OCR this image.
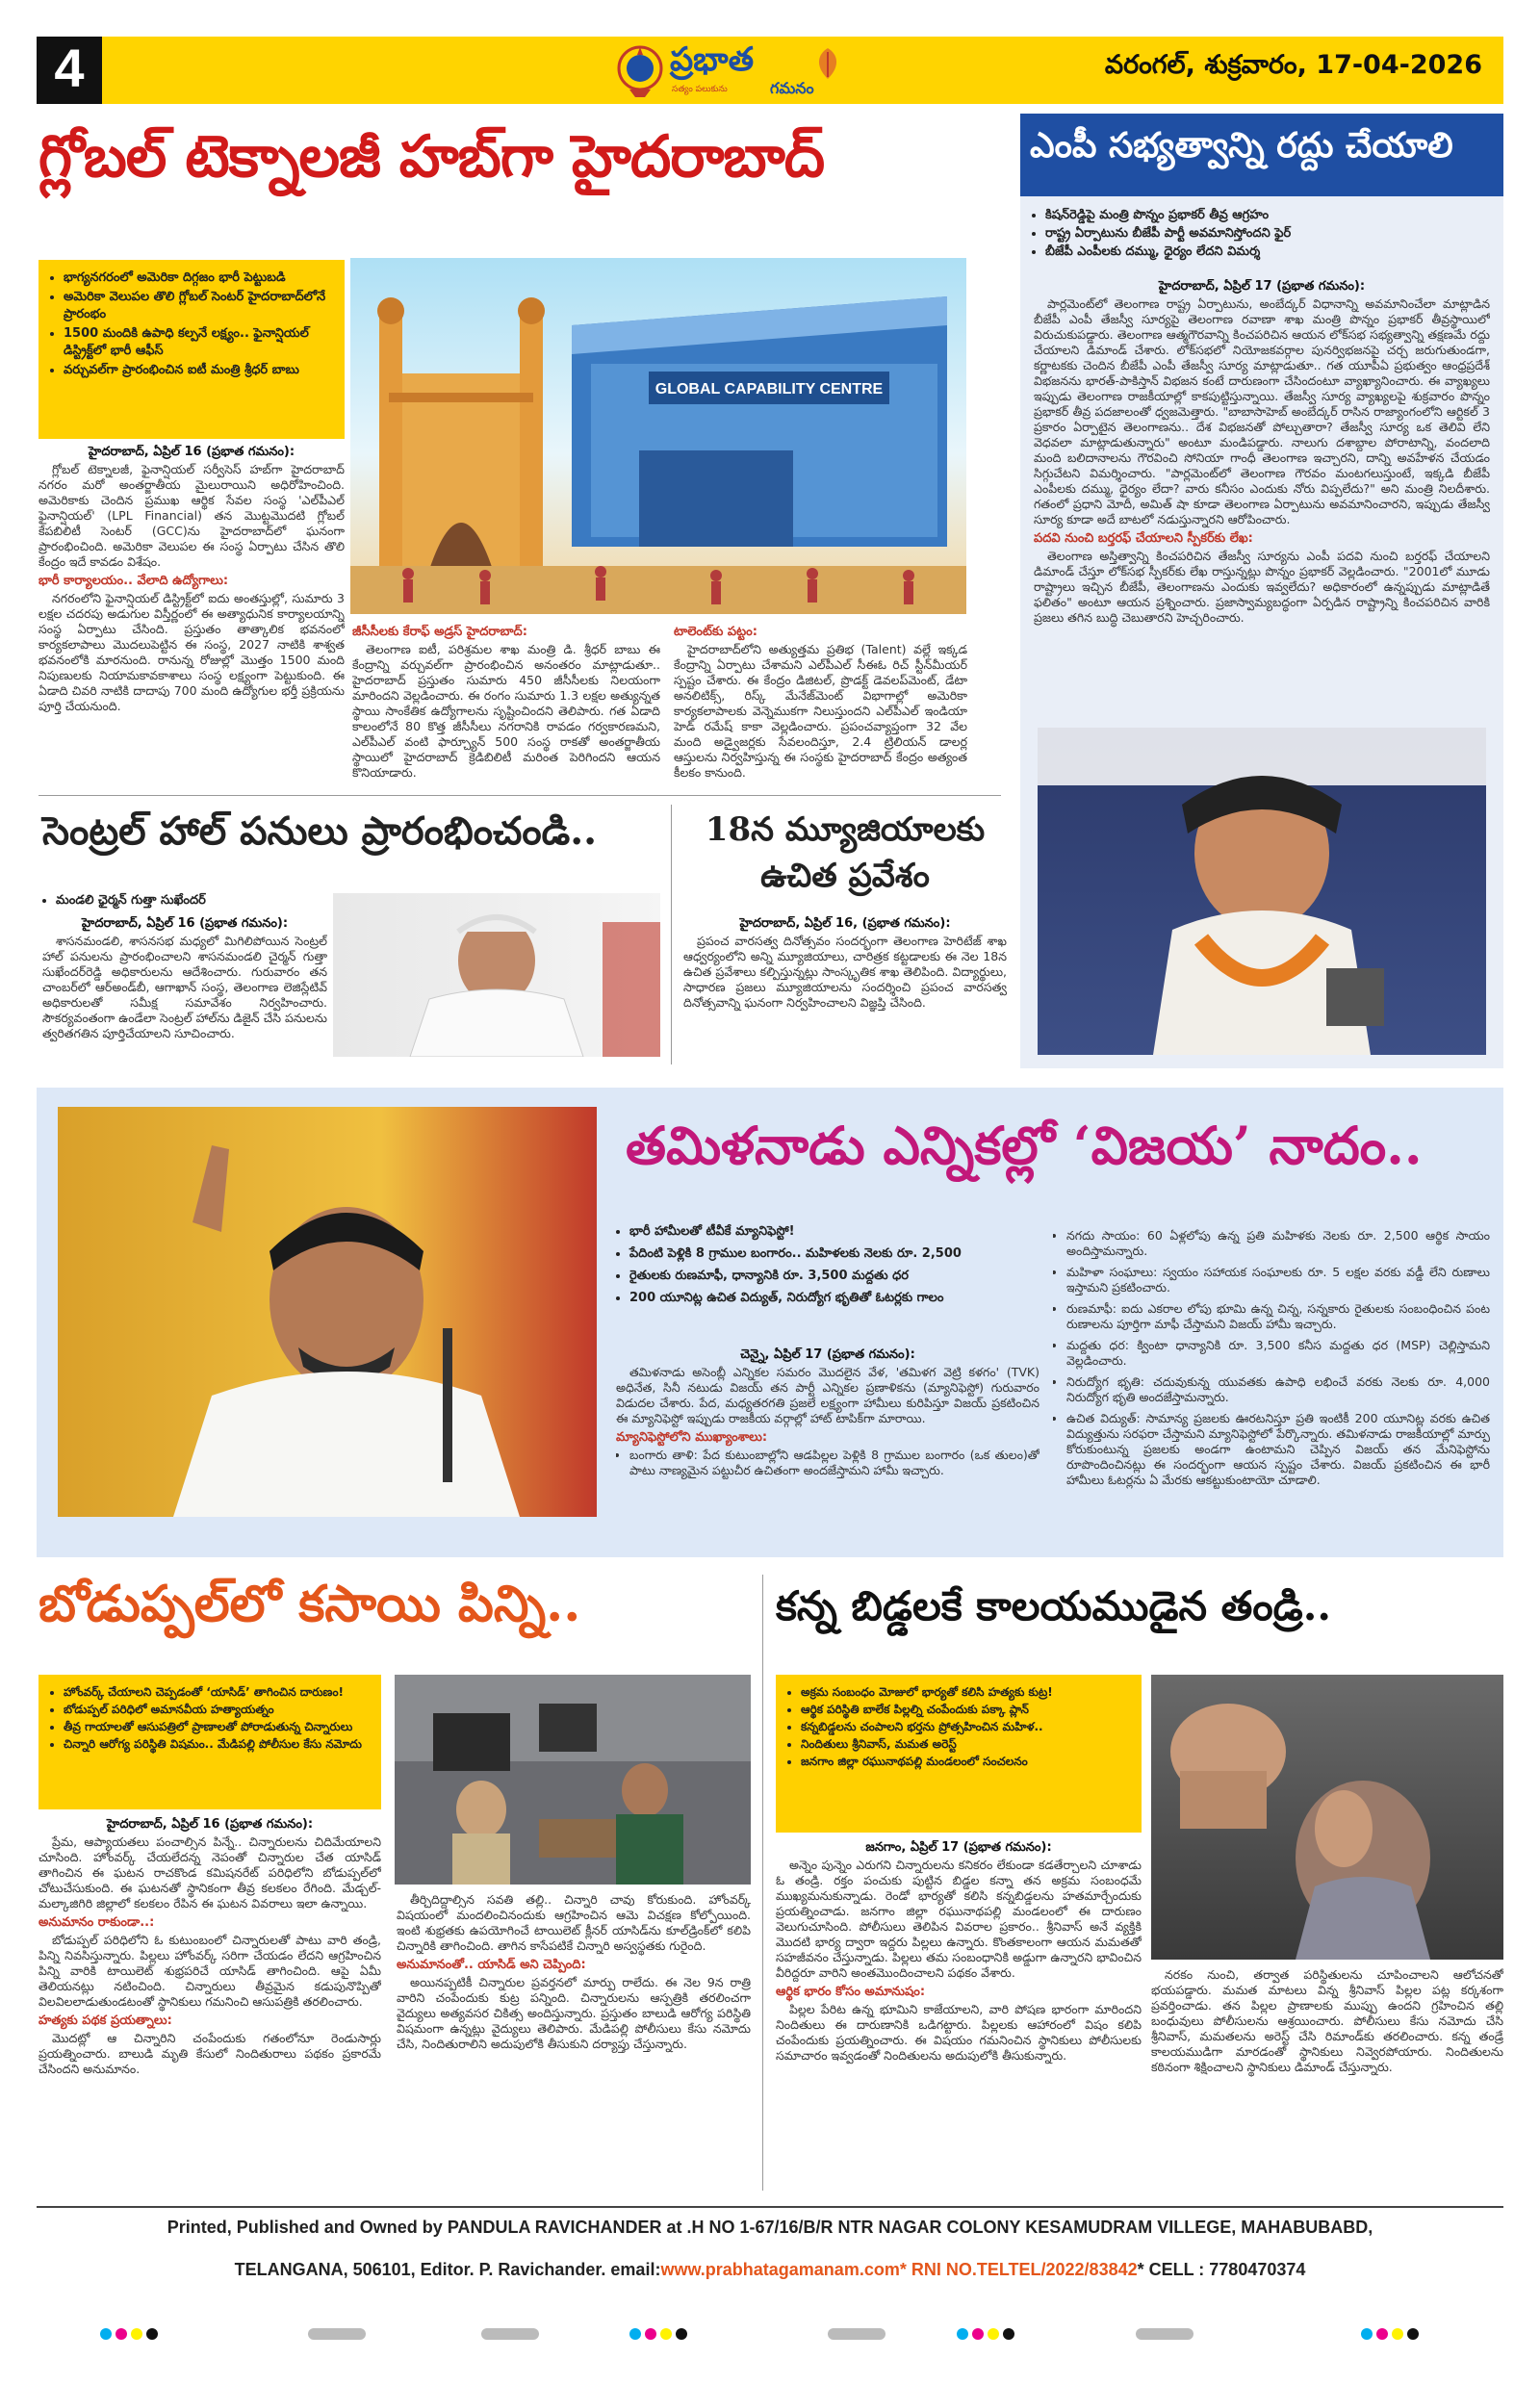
4	ప్రభాత
సత్యం పలుకును	గమనం
వరంగల్, శుక్రవారం, 17-04-2026
గ్లోబల్ టెక్నాలజీ హబ్‌గా హైదరాబాద్
• భాగ్యనగరంలో అమెరికా దిగ్గజం భారీ పెట్టుబడి
• అమెరికా వెలుపల తొలి గ్లోబల్ సెంటర్ హైదరాబాద్‌లోనే ప్రారంభం
• 1500 మందికి ఉపాధి కల్పనే లక్ష్యం.. ఫైనాన్షియల్ డిస్ట్రిక్ట్‌లో భారీ ఆఫీస్
• వర్చువల్‌గా ప్రారంభించిన ఐటీ మంత్రి శ్రీధర్ బాబు
GLOBAL CAPABILITY CENTRE
హైదరాబాద్, ఏప్రిల్ 16 (ప్రభాత గమనం):

గ్లోబల్ టెక్నాలజీ, ఫైనాన్షియల్ సర్వీసెస్ హబ్‌గా హైదరాబాద్ నగరం మరో అంతర్జాతీయ మైలురాయిని అధిరోహించింది. అమెరికాకు చెందిన ప్రముఖ ఆర్థిక సేవల సంస్థ 'ఎల్‌పీఎల్ ఫైనాన్షియల్' (LPL Financial) తన మొట్టమొదటి గ్లోబల్ కేపబిలిటీ సెంటర్ (GCC)ను హైదరాబాద్‌లో ఘనంగా ప్రారంభించింది. అమెరికా వెలుపల ఈ సంస్థ ఏర్పాటు చేసిన తొలి కేంద్రం ఇదే కావడం విశేషం.

భారీ కార్యాలయం.. వేలాది ఉద్యోగాలు:

నగరంలోని ఫైనాన్షియల్ డిస్ట్రిక్ట్‌లో ఐదు అంతస్తుల్లో, సుమారు 3 లక్షల చదరపు అడుగుల విస్తీర్ణంలో ఈ అత్యాధునిక కార్యాలయాన్ని సంస్థ ఏర్పాటు చేసింది. ప్రస్తుతం తాత్కాలిక భవనంలో కార్యకలాపాలు మొదలుపెట్టిన ఈ సంస్థ, 2027 నాటికి శాశ్వత భవనంలోకి మారనుంది. రానున్న రోజుల్లో మొత్తం 1500 మంది నిపుణులకు నియామకావకాశాలు సంస్థ లక్ష్యంగా పెట్టుకుంది. ఈ ఏడాది చివరి నాటికి దాదాపు 700 మంది ఉద్యోగుల భర్తీ ప్రక్రియను పూర్తి చేయనుంది.

జీసీసీలకు కేరాఫ్ అడ్రస్ హైదరాబాద్:

తెలంగాణ ఐటీ, పరిశ్రమల శాఖ మంత్రి డి. శ్రీధర్ బాబు ఈ కేంద్రాన్ని వర్చువల్‌గా ప్రారంభించిన అనంతరం మాట్లాడుతూ.. హైదరాబాద్ ప్రస్తుతం సుమారు 450 జీసీసీలకు నిలయంగా మారిందని వెల్లడించారు. ఈ రంగం సుమారు 1.3 లక్షల అత్యున్నత స్థాయి సాంకేతిక ఉద్యోగాలను సృష్టించిందని తెలిపారు. గత ఏడాది కాలంలోనే 80 కొత్త జీసీసీలు నగరానికి రావడం గర్వకారణమని, ఎల్‌పీఎల్ వంటి ఫార్చ్యూన్ 500 సంస్థ రాకతో అంతర్జాతీయ స్థాయిలో హైదరాబాద్ క్రెడిబిలిటీ మరింత పెరిగిందని ఆయన కొనియాడారు.

టాలెంట్‌కు పట్టం:

హైదరాబాద్‌లోని అత్యుత్తమ ప్రతిభ (Talent) వల్లే ఇక్కడ కేంద్రాన్ని ఏర్పాటు చేశామని ఎల్‌పీఎల్ సీఈఓ రిచ్ స్టీన్‌మీయర్ స్పష్టం చేశారు. ఈ కేంద్రం డిజిటల్, ప్రొడక్ట్ డెవలప్‌మెంట్, డేటా అనలిటిక్స్, రిస్క్ మేనేజ్‌మెంట్ విభాగాల్లో అమెరికా కార్యకలాపాలకు వెన్నెముకగా నిలుస్తుందని ఎల్‌పీఎల్ ఇండియా హెడ్ రమేష్ కాకా వెల్లడించారు. ప్రపంచవ్యాప్తంగా 32 వేల మంది అడ్వైజర్లకు సేవలందిస్తూ, 2.4 ట్రిలియన్ డాలర్ల ఆస్తులను నిర్వహిస్తున్న ఈ సంస్థకు హైదరాబాద్ కేంద్రం అత్యంత కీలకం కానుంది.

ఎంపీ సభ్యత్వాన్ని రద్దు చేయాలి
• కిషన్‌రెడ్డిపై మంత్రి పొన్నం ప్రభాకర్ తీవ్ర ఆగ్రహం
• రాష్ట్ర ఏర్పాటును బీజేపీ పార్టీ అవమానిస్తోందని ఫైర్
• బీజేపీ ఎంపీలకు దమ్ము, ధైర్యం లేదని విమర్శ
హైదరాబాద్, ఏప్రిల్ 17 (ప్రభాత గమనం):

పార్లమెంట్‌లో తెలంగాణ రాష్ట్ర ఏర్పాటును, అంబేద్కర్ విధానాన్ని అవమానించేలా మాట్లాడిన బీజేపీ ఎంపీ తేజస్వీ సూర్యపై తెలంగాణ రవాణా శాఖ మంత్రి పొన్నం ప్రభాకర్ తీవ్రస్థాయిలో విరుచుకుపడ్డారు. తెలంగాణ ఆత్మగౌరవాన్ని కించపరిచిన ఆయన లోక్‌సభ సభ్యత్వాన్ని తక్షణమే రద్దు చేయాలని డిమాండ్ చేశారు. లోక్‌సభలో నియోజకవర్గాల పునర్విభజనపై చర్చ జరుగుతుండగా, కర్ణాటకకు చెందిన బీజేపీ ఎంపీ తేజస్వీ సూర్య మాట్లాడుతూ.. గత యూపీఏ ప్రభుత్వం ఆంధ్రప్రదేశ్ విభజనను భారత్-పాకిస్తాన్ విభజన కంటే దారుణంగా చేసిందంటూ వ్యాఖ్యానించారు. ఈ వ్యాఖ్యలు ఇప్పుడు తెలంగాణ రాజకీయాల్లో కాకపుట్టిస్తున్నాయి. తేజస్వీ సూర్య వ్యాఖ్యలపై శుక్రవారం పొన్నం ప్రభాకర్ తీవ్ర పదజాలంతో ధ్వజమెత్తారు. "బాబాసాహెబ్ అంబేద్కర్ రాసిన రాజ్యాంగంలోని ఆర్టికల్ 3 ప్రకారం ఏర్పాటైన తెలంగాణను.. దేశ విభజనతో పోల్చుతారా? తేజస్వీ సూర్య ఒక తెలివి లేని వెధవలా మాట్లాడుతున్నారు" అంటూ మండిపడ్డారు. నాలుగు దశాబ్దాల పోరాటాన్ని, వందలాది మంది బలిదానాలను గౌరవించి సోనియా గాంధీ తెలంగాణ ఇచ్చారని, దాన్ని అవహేళన చేయడం సిగ్గుచేటని విమర్శించారు. "పార్లమెంట్‌లో తెలంగాణ గౌరవం మంటగలుస్తుంటే, ఇక్కడి బీజేపీ ఎంపీలకు దమ్ము, ధైర్యం లేదా? వారు కనీసం ఎందుకు నోరు విప్పలేదు?" అని మంత్రి నిలదీశారు. గతంలో ప్రధాని మోదీ, అమిత్ షా కూడా తెలంగాణ ఏర్పాటును అవమానించారని, ఇప్పుడు తేజస్వీ సూర్య కూడా అదే బాటలో నడుస్తున్నారని ఆరోపించారు.

పదవి నుంచి బర్తరఫ్ చేయాలని స్పీకర్‌కు లేఖ:

తెలంగాణ అస్తిత్వాన్ని కించపరిచిన తేజస్వీ సూర్యను ఎంపీ పదవి నుంచి బర్తరఫ్ చేయాలని డిమాండ్ చేస్తూ లోక్‌సభ స్పీకర్‌కు లేఖ రాస్తున్నట్లు పొన్నం ప్రభాకర్ వెల్లడించారు. "2001లో మూడు రాష్ట్రాలు ఇచ్చిన బీజేపీ, తెలంగాణను ఎందుకు ఇవ్వలేదు? అధికారంలో ఉన్నప్పుడు మాట్లాడితే ఫలితం" అంటూ ఆయన ప్రశ్నించారు. ప్రజాస్వామ్యబద్ధంగా ఏర్పడిన రాష్ట్రాన్ని కించపరిచిన వారికి ప్రజలు తగిన బుద్ధి చెబుతారని హెచ్చరించారు.

సెంట్రల్ హాల్ పనులు ప్రారంభించండి..
• మండలి ఛైర్మన్ గుత్తా సుఖేందర్
హైదరాబాద్, ఏప్రిల్ 16 (ప్రభాత గమనం):

శాసనమండలి, శాసనసభ మధ్యలో మిగిలిపోయిన సెంట్రల్ హాల్ పనులను ప్రారంభించాలని శాసనమండలి చైర్మన్ గుత్తా సుఖేందర్‌రెడ్డి అధికారులను ఆదేశించారు. గురువారం తన చాంబర్‌లో ఆర్‌అండ్‌బీ, ఆగాఖాన్ సంస్థ, తెలంగాణ లెజిస్లేటివ్ అధికారులతో సమీక్ష సమావేశం నిర్వహించారు. సౌకర్యవంతంగా ఉండేలా సెంట్రల్ హాల్‌ను డిజైన్ చేసి పనులను త్వరితగతిన పూర్తిచేయాలని సూచించారు.

18న మ్యూజియాలకు
ఉచిత ప్రవేశం
హైదరాబాద్, ఏప్రిల్ 16, (ప్రభాత గమనం):

ప్రపంచ వారసత్వ దినోత్సవం సందర్భంగా తెలంగాణ హెరిటేజ్ శాఖ ఆధ్వర్యంలోని అన్ని మ్యూజియాలు, చారిత్రక కట్టడాలకు ఈ నెల 18న ఉచిత ప్రవేశాలు కల్పిస్తున్నట్లు సాంస్కృతిక శాఖ తెలిపింది. విద్యార్థులు, సాధారణ ప్రజలు మ్యూజియాలను సందర్శించి ప్రపంచ వారసత్వ దినోత్సవాన్ని ఘనంగా నిర్వహించాలని విజ్ఞప్తి చేసింది.

తమిళనాడు ఎన్నికల్లో ‘విజయ’ నాదం..
• భారీ హామీలతో టీవీకే మ్యానిఫెస్టో!
• పేదింటి పెళ్లికి 8 గ్రాముల బంగారం.. మహిళలకు నెలకు రూ. 2,500
• రైతులకు రుణమాఫీ, ధాన్యానికి రూ. 3,500 మద్దతు ధర
• 200 యూనిట్ల ఉచిత విద్యుత్, నిరుద్యోగ భృతితో ఓటర్లకు గాలం
చెన్నై, ఏప్రిల్ 17 (ప్రభాత గమనం):

తమిళనాడు అసెంబ్లీ ఎన్నికల సమరం మొదలైన వేళ, 'తమిళగ వెట్రి కళగం' (TVK) అధినేత, సినీ నటుడు విజయ్ తన పార్టీ ఎన్నికల ప్రణాళికను (మ్యానిఫెస్టో) గురువారం విడుదల చేశారు. పేద, మధ్యతరగతి ప్రజలే లక్ష్యంగా హామీలు కురిపిస్తూ విజయ్ ప్రకటించిన ఈ మ్యానిఫెస్టో ఇప్పుడు రాజకీయ వర్గాల్లో హాట్ టాపిక్‌గా మారాయి.

మ్యానిఫెస్టోలోని ముఖ్యాంశాలు:
• బంగారు తాళి: పేద కుటుంబాల్లోని ఆడపిల్లల పెళ్లికి 8 గ్రాముల బంగారం (ఒక తులం)తో పాటు నాణ్యమైన పట్టుచీర ఉచితంగా అందజేస్తామని హామీ ఇచ్చారు.
• నగదు సాయం: 60 ఏళ్లలోపు ఉన్న ప్రతి మహిళకు నెలకు రూ. 2,500 ఆర్థిక సాయం అందిస్తామన్నారు.
• మహిళా సంఘాలు: స్వయం సహాయక సంఘాలకు రూ. 5 లక్షల వరకు వడ్డీ లేని రుణాలు ఇస్తామని ప్రకటించారు.
• రుణమాఫీ: ఐదు ఎకరాల లోపు భూమి ఉన్న చిన్న, సన్నకారు రైతులకు సంబంధించిన పంట రుణాలను పూర్తిగా మాఫీ చేస్తామని విజయ్ హామీ ఇచ్చారు.
• మద్దతు ధర: క్వింటా ధాన్యానికి రూ. 3,500 కనీస మద్దతు ధర (MSP) చెల్లిస్తామని వెల్లడించారు.
• నిరుద్యోగ భృతి: చదువుకున్న యువతకు ఉపాధి లభించే వరకు నెలకు రూ. 4,000 నిరుద్యోగ భృతి అందజేస్తామన్నారు.
• ఉచిత విద్యుత్: సామాన్య ప్రజలకు ఊరటనిస్తూ ప్రతి ఇంటికీ 200 యూనిట్ల వరకు ఉచిత విద్యుత్తును సరఫరా చేస్తామని మ్యానిఫెస్టోలో పేర్కొన్నారు. తమిళనాడు రాజకీయాల్లో మార్పు కోరుకుంటున్న ప్రజలకు అండగా ఉంటామని చెప్పిన విజయ్ తన మేనిఫెస్టోను రూపొందించినట్లు ఈ సందర్భంగా ఆయన స్పష్టం చేశారు. విజయ్ ప్రకటించిన ఈ భారీ హామీలు ఓటర్లను ఏ మేరకు ఆకట్టుకుంటాయో చూడాలి.
బోడుప్పల్‌లో కసాయి పిన్ని..
• హోంవర్క్ చేయాలని చెప్పడంతో ‘యాసిడ్’ తాగించిన దారుణం!
• బోడుప్పల్ పరిధిలో అమానవీయ హత్యాయత్నం
• తీవ్ర గాయాలతో ఆసుపత్రిలో ప్రాణాలతో పోరాడుతున్న చిన్నారులు
• చిన్నారి ఆరోగ్య పరిస్థితి విషమం.. మేడిపల్లి పోలీసుల కేసు నమోదు
హైదరాబాద్, ఏప్రిల్ 16 (ప్రభాత గమనం):

ప్రేమ, ఆప్యాయతలు పంచాల్సిన పిన్నే.. చిన్నారులను చిదిమేయాలని చూసింది. హోంవర్క్ చేయలేదన్న నెపంతో చిన్నారుల చేత యాసిడ్ తాగించిన ఈ ఘటన రాచకొండ కమిషనరేట్ పరిధిలోని బోడుప్పల్‌లో చోటుచేసుకుంది. ఈ ఘటనతో స్థానికంగా తీవ్ర కలకలం రేగింది. మేడ్చల్-మల్కాజిగిరి జిల్లాలో కలకలం రేపిన ఈ ఘటన వివరాలు ఇలా ఉన్నాయి.

అనుమానం రాకుండా..:

బోడుప్పల్ పరిధిలోని ఓ కుటుంబంలో చిన్నారులతో పాటు వారి తండ్రి, పిన్ని నివసిస్తున్నారు. పిల్లలు హోంవర్క్ సరిగా చేయడం లేదని ఆగ్రహించిన పిన్ని వారికి టాయిలెట్ శుభ్రపరిచే యాసిడ్ తాగించింది. ఆపై ఏమీ తెలియనట్లు నటించింది. చిన్నారులు తీవ్రమైన కడుపునొప్పితో విలవిలలాడుతుండటంతో స్థానికులు గమనించి ఆసుపత్రికి తరలించారు.

హత్యకు పథక ప్రయత్నాలు:

మొదట్లో ఆ చిన్నారిని చంపేందుకు గతంలోనూ రెండుసార్లు ప్రయత్నించారు. బాలుడి మృతి కేసులో నిందితురాలు పథకం ప్రకారమే చేసిందని అనుమానం.

తీర్చిదిద్దాల్సిన సవతి తల్లి.. చిన్నారి చావు కోరుకుంది. హోంవర్క్ విషయంలో మందలించినందుకు ఆగ్రహించిన ఆమె విచక్షణ కోల్పోయింది. ఇంటి శుభ్రతకు ఉపయోగించే టాయిలెట్ క్లీనర్ యాసిడ్‌ను కూల్‌డ్రింక్‌లో కలిపి చిన్నారికి తాగించింది. తాగిన కాసేపటికే చిన్నారి అస్వస్థతకు గురైంది.

అనుమానంతో.. యాసిడ్ అని చెప్పింది:

అయినప్పటికీ చిన్నారుల ప్రవర్తనలో మార్పు రాలేదు. ఈ నెల 9న రాత్రి వారిని చంపేందుకు కుట్ర పన్నింది. చిన్నారులను ఆస్పత్రికి తరలించగా వైద్యులు అత్యవసర చికిత్స అందిస్తున్నారు. ప్రస్తుతం బాలుడి ఆరోగ్య పరిస్థితి విషమంగా ఉన్నట్లు వైద్యులు తెలిపారు. మేడిపల్లి పోలీసులు కేసు నమోదు చేసి, నిందితురాలిని అదుపులోకి తీసుకుని దర్యాప్తు చేస్తున్నారు.

కన్న బిడ్డలకే కాలయముడైన తండ్రి..
• అక్రమ సంబంధం మోజులో భార్యతో కలిసి హత్యకు కుట్ర!
• ఆర్థిక పరిస్థితి బాలేక పిల్లల్ని చంపేందుకు పక్కా ప్లాన్
• కన్నబిడ్డలను చంపాలని భర్తను ప్రోత్సహించిన మహిళ..
• నిందితులు శ్రీనివాస్, మమత అరెస్ట్
• జనగాం జిల్లా రఘునాథపల్లి మండలంలో సంచలనం
జనగాం, ఏప్రిల్ 17 (ప్రభాత గమనం):

అన్నెం పున్నెం ఎరుగని చిన్నారులను కనికరం లేకుండా కడతేర్చాలని చూశాడు ఓ తండ్రి. రక్తం పంచుకు పుట్టిన బిడ్డల కన్నా తన అక్రమ సంబంధమే ముఖ్యమనుకున్నాడు. రెండో భార్యతో కలిసి కన్నబిడ్డలను హతమార్చేందుకు ప్రయత్నించాడు. జనగాం జిల్లా రఘునాథపల్లి మండలంలో ఈ దారుణం వెలుగుచూసింది. పోలీసులు తెలిపిన వివరాల ప్రకారం.. శ్రీనివాస్ అనే వ్యక్తికి మొదటి భార్య ద్వారా ఇద్దరు పిల్లలు ఉన్నారు. కొంతకాలంగా ఆయన మమతతో సహజీవనం చేస్తున్నాడు. పిల్లలు తమ సంబంధానికి అడ్డుగా ఉన్నారని భావించిన వీరిద్దరూ వారిని అంతమొందించాలని పథకం వేశారు.

ఆర్థిక భారం కోసం అమానుషం:

పిల్లల పేరిట ఉన్న భూమిని కాజేయాలని, వారి పోషణ భారంగా మారిందని నిందితులు ఈ దారుణానికి ఒడిగట్టారు. పిల్లలకు ఆహారంలో విషం కలిపి చంపేందుకు ప్రయత్నించారు. ఈ విషయం గమనించిన స్థానికులు పోలీసులకు సమాచారం ఇవ్వడంతో నిందితులను అదుపులోకి తీసుకున్నారు.

నరకం నుంచి, తర్వాత పరిస్థితులను చూపించాలని ఆలోచనతో భయపడ్డారు. మమత మాటలు విన్న శ్రీనివాస్ పిల్లల పట్ల కర్కశంగా ప్రవర్తించాడు. తన పిల్లల ప్రాణాలకు ముప్పు ఉందని గ్రహించిన తల్లి బంధువులు పోలీసులను ఆశ్రయించారు. పోలీసులు కేసు నమోదు చేసి శ్రీనివాస్, మమతలను అరెస్ట్ చేసి రిమాండ్‌కు తరలించారు. కన్న తండ్రే కాలయముడిగా మారడంతో స్థానికులు నివ్వెరపోయారు. నిందితులను కఠినంగా శిక్షించాలని స్థానికులు డిమాండ్ చేస్తున్నారు.

Printed, Published and Owned by PANDULA RAVICHANDER at .H NO 1-67/16/B/R NTR NAGAR COLONY KESAMUDRAM VILLEGE, MAHABUBABD,
TELANGANA, 506101, Editor. P. Ravichander. email:www.prabhatagamanam.com* RNI NO.TELTEL/2022/83842* CELL : 7780470374
